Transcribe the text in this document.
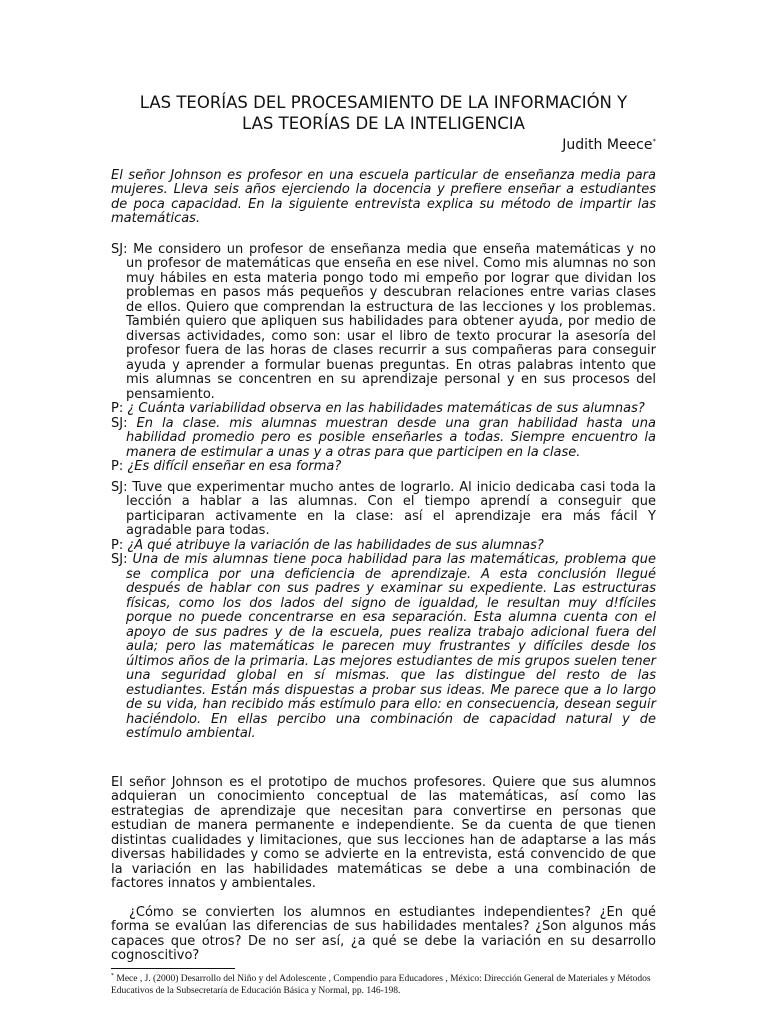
LAS TEORÍAS DEL PROCESAMIENTO DE LA INFORMACIÓN Y
LAS TEORÍAS DE LA INTELIGENCIA
Judith Meece*

El señor Johnson es profesor en una escuela particular de enseñanza media para mujeres. Lleva seis años ejerciendo la docencia y prefiere enseñar a estudiantes de poca capacidad. En la siguiente entrevista explica su método de impartir las matemáticas.

SJ: Me considero un profesor de enseñanza media que enseña matemáticas y no un profesor de matemáticas que enseña en ese nivel. Como mis alumnas no son muy hábiles en esta materia pongo todo mi empeño por lograr que dividan los problemas en pasos más pequeños y descubran relaciones entre varias clases de ellos. Quiero que comprendan la estructura de las lecciones y los problemas. También quiero que apliquen sus habilidades para obtener ayuda, por medio de diversas actividades, como son: usar el libro de texto procurar la asesoría del profesor fuera de las horas de clases recurrir a sus compañeras para conseguir ayuda y aprender a formular buenas preguntas. En otras palabras intento que mis alumnas se concentren en su aprendizaje personal y en sus procesos del pensamiento.

P: ¿ Cuánta variabilidad observa en las habilidades matemáticas de sus alumnas?

SJ: En la clase. mis alumnas muestran desde una gran habilidad hasta una habilidad promedio pero es posible enseñarles a todas. Siempre encuentro la manera de estimular a unas y a otras para que participen en la clase.

P: ¿Es difícil enseñar en esa forma?

SJ: Tuve que experimentar mucho antes de lograrlo. Al inicio dedicaba casi toda la lección a hablar a las alumnas. Con el tiempo aprendí a conseguir que participaran activamente en la clase: así el aprendizaje era más fácil Y agradable para todas.

P: ¿A qué atribuye la variación de las habilidades de sus alumnas?

SJ: Una de mis alumnas tiene poca habilidad para las matemáticas, problema que se complica por una deficiencia de aprendizaje. A esta conclusión llegué después de hablar con sus padres y examinar su expediente. Las estructuras físicas, como los dos lados del signo de igualdad, le resultan muy d!fíciles porque no puede concentrarse en esa separación. Esta alumna cuenta con el apoyo de sus padres y de la escuela, pues realiza trabajo adicional fuera del aula; pero las matemáticas le parecen muy frustrantes y difíciles desde los últimos años de la primaria. Las mejores estudiantes de mis grupos suelen tener una seguridad global en sí mismas. que las distingue del resto de las estudiantes. Están más dispuestas a probar sus ideas. Me parece que a lo largo de su vida, han recibido más estímulo para ello: en consecuencia, desean seguir haciéndolo. En ellas percibo una combinación de capacidad natural y de estímulo ambiental.

El señor Johnson es el prototipo de muchos profesores. Quiere que sus alumnos adquieran un conocimiento conceptual de las matemáticas, así como las estrategias de aprendizaje que necesitan para convertirse en personas que estudian de manera permanente e independiente. Se da cuenta de que tienen distintas cualidades y limitaciones, que sus lecciones han de adaptarse a las más diversas habilidades y como se advierte en la entrevista, está convencido de que la variación en las habilidades matemáticas se debe a una combinación de factores innatos y ambientales.

¿Cómo se convierten los alumnos en estudiantes independientes? ¿En qué forma se evalúan las diferencias de sus habilidades mentales? ¿Son algunos más capaces que otros? De no ser así, ¿a qué se debe la variación en su desarrollo cognoscitivo?

* Mece , J. (2000) Desarrollo del Niño y del Adolescente , Compendio para Educadores , México: Dirección General de Materiales y Métodos Educativos de la Subsecretaría de Educación Básica y Normal, pp. 146-198.
